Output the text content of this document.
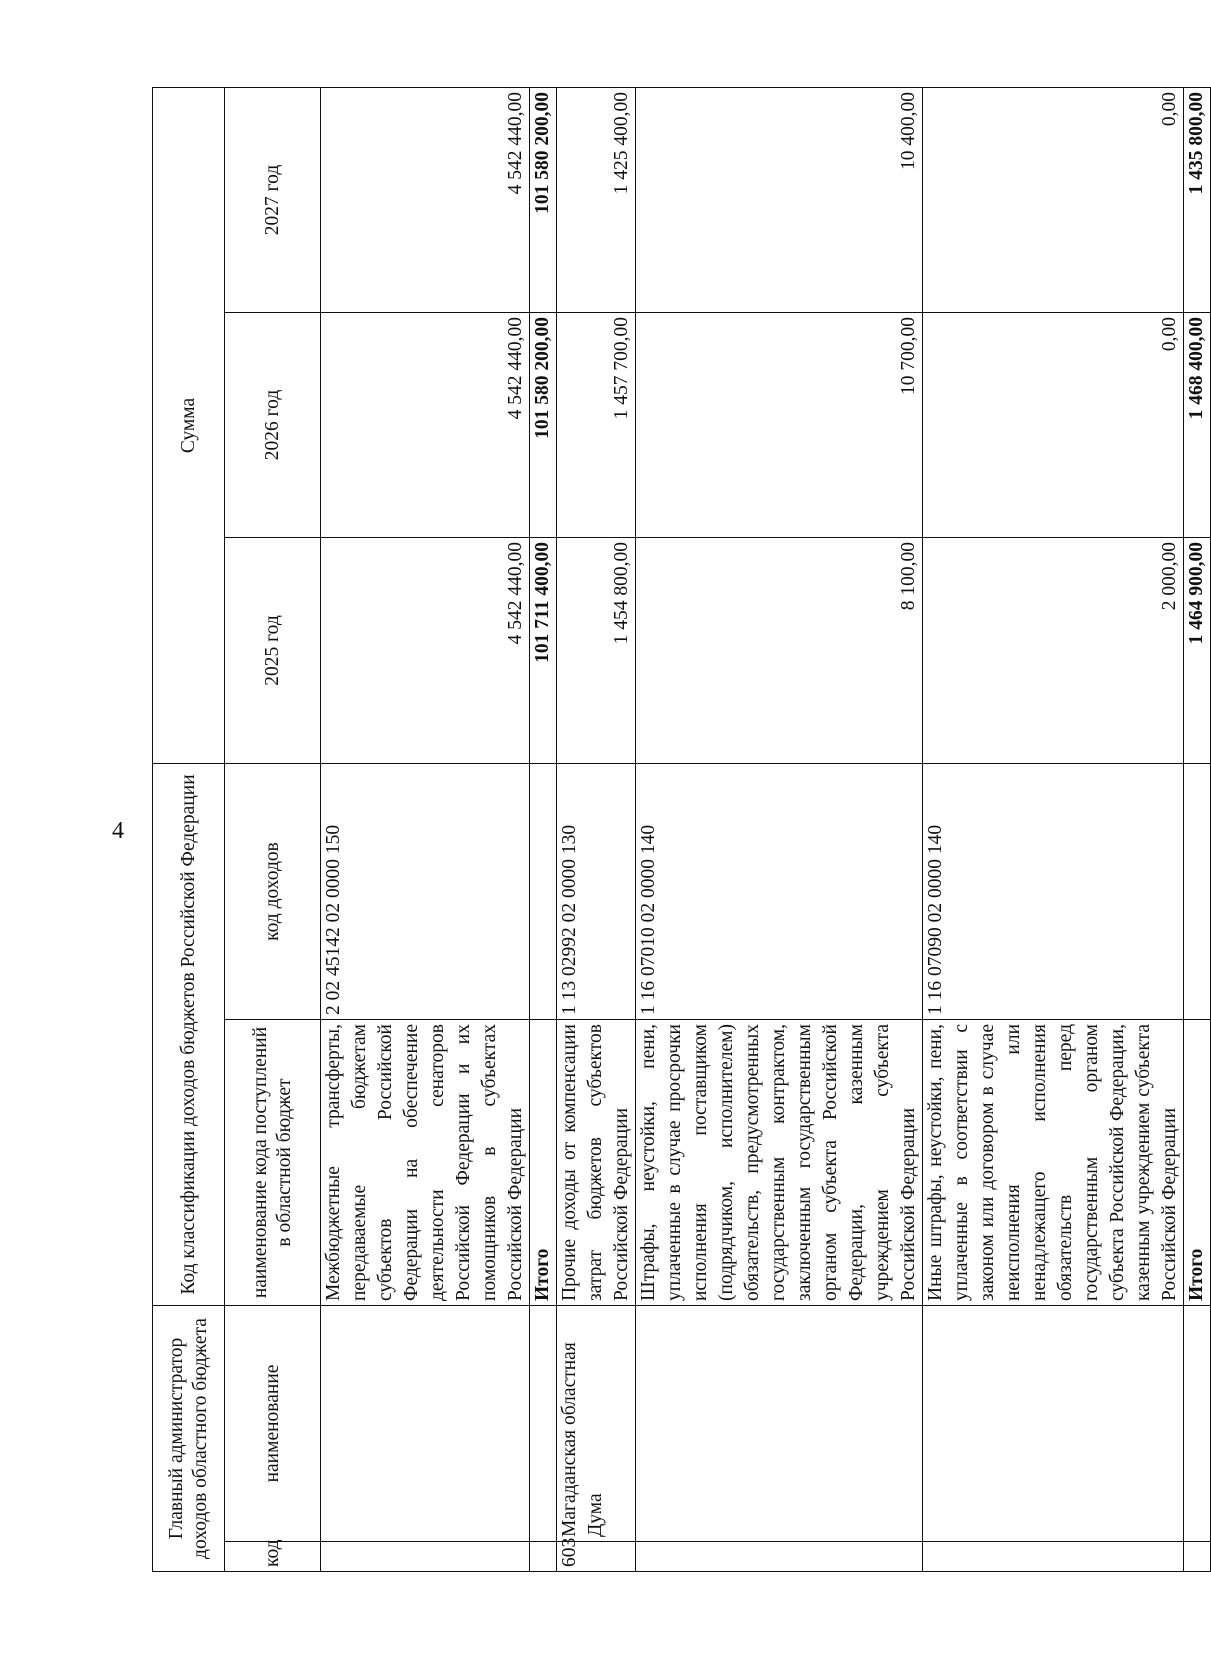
4
Главный администратор доходов областного бюджета		Код классификации доходов бюджетов Российской Федерации		Сумма		
код	наименование	наименование кода поступлений в областной бюджет	код доходов	2025 год	2026 год	2027 год
		Межбюджетные трансферты, передаваемые бюджетам субъектов Российской Федерации на обеспечение деятельности сенаторов Российской Федерации и их помощников в субъектах Российской Федерации	2 02 45142 02 0000 150	4 542 440,00	4 542 440,00	4 542 440,00
		Итого		101 711 400,00	101 580 200,00	101 580 200,00
603	Магаданская областная Дума	Прочие доходы от компенсации затрат бюджетов субъектов Российской Федерации	1 13 02992 02 0000 130	1 454 800,00	1 457 700,00	1 425 400,00
		Штрафы, неустойки, пени, уплаченные в случае просрочки исполнения поставщиком (подрядчиком, исполнителем) обязательств, предусмотренных государственным контрактом, заключенным государственным органом субъекта Российской Федерации, казенным учреждением субъекта Российской Федерации	1 16 07010 02 0000 140	8 100,00	10 700,00	10 400,00
		Иные штрафы, неустойки, пени, уплаченные в соответствии с законом или договором в случае неисполнения или ненадлежащего исполнения обязательств перед государственным органом субъекта Российской Федерации, казенным учреждением субъекта Российской Федерации	1 16 07090 02 0000 140	2 000,00	0,00	0,00
		Итого		1 464 900,00	1 468 400,00	1 435 800,00
